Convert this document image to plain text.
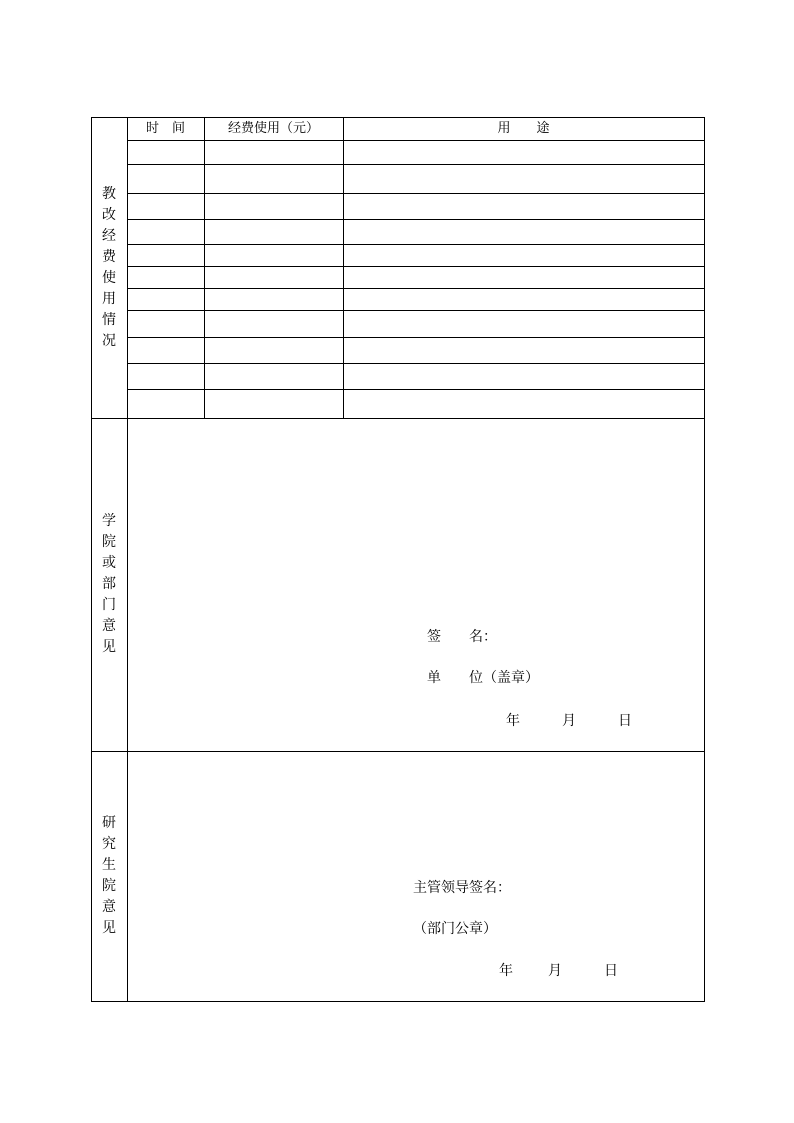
时　间	经费使用（元）	用　　途
教
改
经
费
使
用
情
况
学
院
或
部
门
意
见
研
究
生
院
意
见
签　　名：
单　　位（盖章）
年	月	日
主管领导签名：
（部门公章）
年	月	日
